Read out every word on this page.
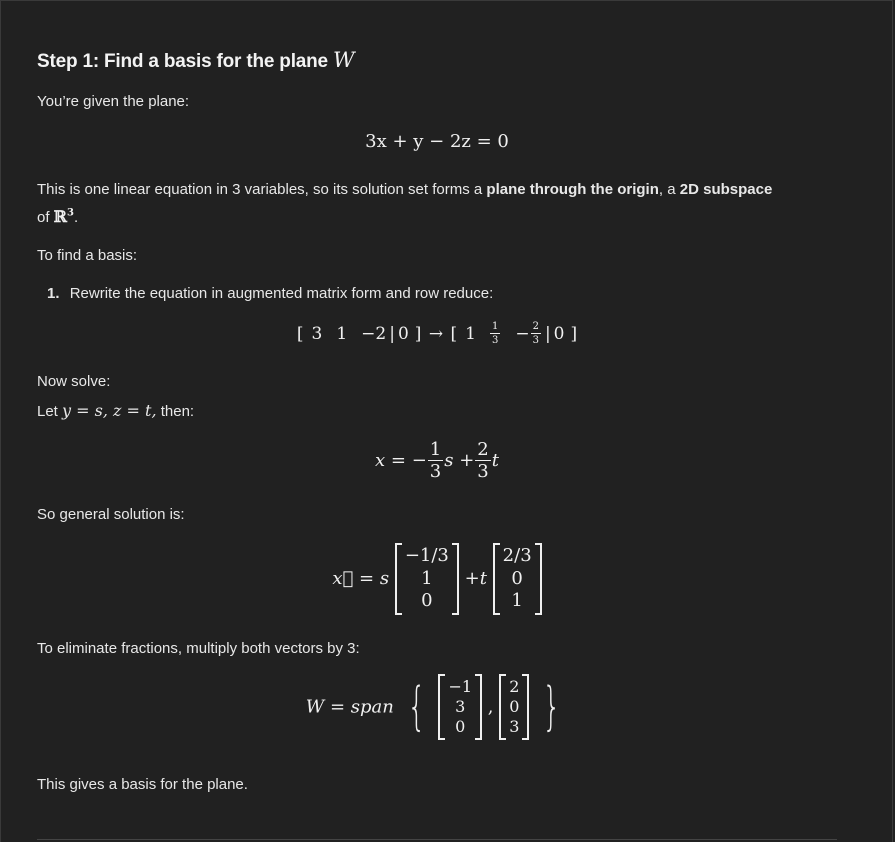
Step 1: Find a basis for the plane W
You’re given the plane:
3x + y − 2z = 0
This is one linear equation in 3 variables, so its solution set forms a plane through the origin, a 2D subspace
of ℝ$^3$.
To find a basis:
1. Rewrite the equation in augmented matrix form and row reduce:
[ 3 1 −2 | 0 ] → [ $1 \frac{1}{3} - \frac{2}{3}$ | 0 ]
Now solve:
Let y = s, z = t, then:
x = − $\frac{1}{3}$ $s + \frac{2}{3}$ t
So general solution is:
x⃗ = s
−1/3
1
0
+t
2/3
0
1
To eliminate fractions, multiply both vectors by 3:
W = span { −1
3
0
,
2
0
3 }
This gives a basis for the plane.
